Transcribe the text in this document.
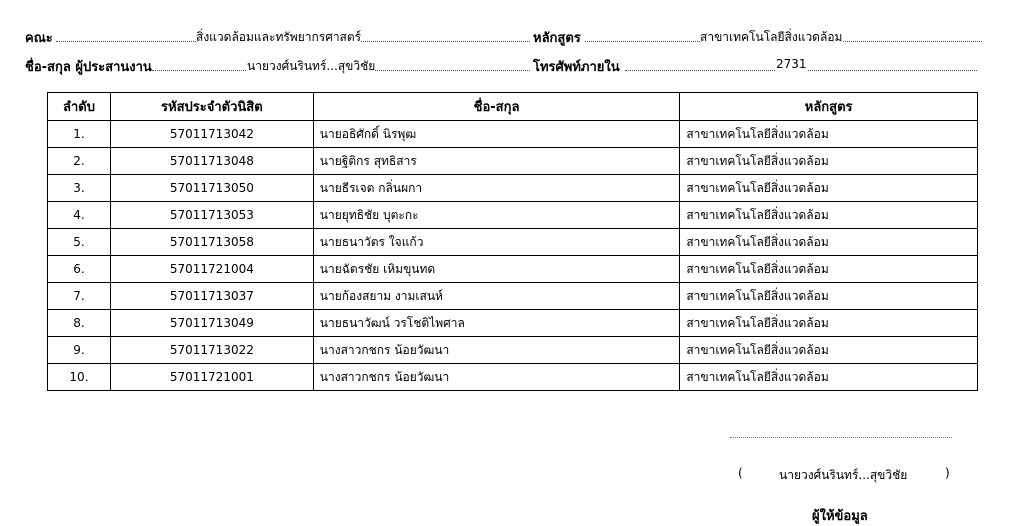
คณะ	สิ่งแวดล้อมและทรัพยากรศาสตร์	หลักสูตร	สาขาเทคโนโลยีสิ่งแวดล้อม
ชื่อ-สกุล ผู้ประสานงาน	นายวงศ์นรินทร์...สุขวิชัย	โทรศัพท์ภายใน	2731
ลำดับ	รหัสประจำตัวนิสิต	ชื่อ-สกุล	หลักสูตร
1.	57011713042	นายอธิศักดิ์ นิรพุฒ	สาขาเทคโนโลยีสิ่งแวดล้อม
2.	57011713048	นายฐิติกร สุทธิสาร	สาขาเทคโนโลยีสิ่งแวดล้อม
3.	57011713050	นายธีรเจต กลิ่นผกา	สาขาเทคโนโลยีสิ่งแวดล้อม
4.	57011713053	นายยุทธิชัย บุตะกะ	สาขาเทคโนโลยีสิ่งแวดล้อม
5.	57011713058	นายธนาวัตร ใจแก้ว	สาขาเทคโนโลยีสิ่งแวดล้อม
6.	57011721004	นายฉัตรชัย เหิมขุนทด	สาขาเทคโนโลยีสิ่งแวดล้อม
7.	57011713037	นายก้องสยาม งามเสนห์	สาขาเทคโนโลยีสิ่งแวดล้อม
8.	57011713049	นายธนาวัฒน์ วรโชติไพศาล	สาขาเทคโนโลยีสิ่งแวดล้อม
9.	57011713022	นางสาวกชกร น้อยวัฒนา	สาขาเทคโนโลยีสิ่งแวดล้อม
10.	57011721001	นางสาวกชกร น้อยวัฒนา	สาขาเทคโนโลยีสิ่งแวดล้อม
(	นายวงศ์นรินทร์...สุขวิชัย	)
ผู้ให้ข้อมูล
